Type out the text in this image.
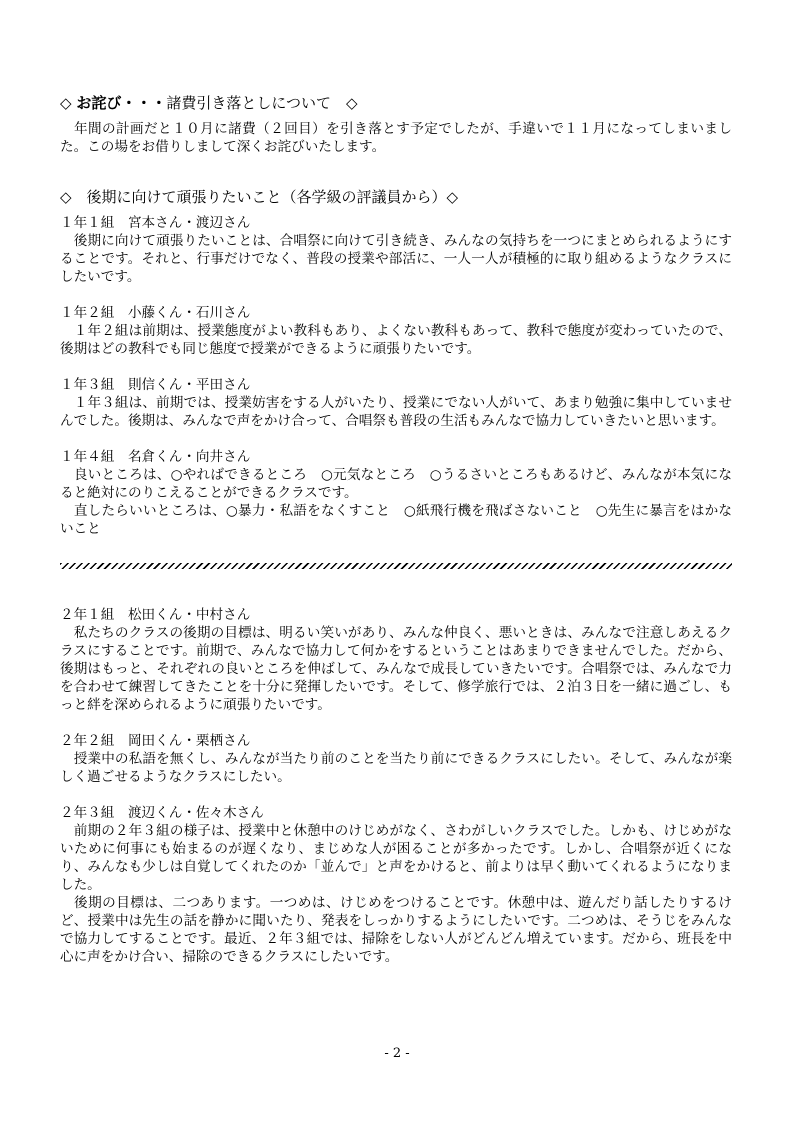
◇ お詫び・・・諸費引き落としについて　◇

　年間の計画だと１０月に諸費（２回目）を引き落とす予定でしたが、手違いで１１月になってしまいました。この場をお借りしまして深くお詫びいたします。

◇　後期に向けて頑張りたいこと（各学級の評議員から）◇

１年１組　宮本さん・渡辺さん

　後期に向けて頑張りたいことは、合唱祭に向けて引き続き、みんなの気持ちを一つにまとめられるようにすることです。それと、行事だけでなく、普段の授業や部活に、一人一人が積極的に取り組めるようなクラスにしたいです。

１年２組　小藤くん・石川さん

　１年２組は前期は、授業態度がよい教科もあり、よくない教科もあって、教科で態度が変わっていたので、後期はどの教科でも同じ態度で授業ができるように頑張りたいです。

１年３組　則信くん・平田さん

　１年３組は、前期では、授業妨害をする人がいたり、授業にでない人がいて、あまり勉強に集中していませんでした。後期は、みんなで声をかけ合って、合唱祭も普段の生活もみんなで協力していきたいと思います。

１年４組　名倉くん・向井さん

　良いところは、○やればできるところ　○元気なところ　○うるさいところもあるけど、みんなが本気になると絶対にのりこえることができるクラスです。

　直したらいいところは、○暴力・私語をなくすこと　○紙飛行機を飛ばさないこと　○先生に暴言をはかないこと

２年１組　松田くん・中村さん

　私たちのクラスの後期の目標は、明るい笑いがあり、みんな仲良く、悪いときは、みんなで注意しあえるクラスにすることです。前期で、みんなで協力して何かをするということはあまりできませんでした。だから、後期はもっと、それぞれの良いところを伸ばして、みんなで成長していきたいです。合唱祭では、みんなで力を合わせて練習してきたことを十分に発揮したいです。そして、修学旅行では、２泊３日を一緒に過ごし、もっと絆を深められるように頑張りたいです。

２年２組　岡田くん・栗栖さん

　授業中の私語を無くし、みんなが当たり前のことを当たり前にできるクラスにしたい。そして、みんなが楽しく過ごせるようなクラスにしたい。

２年３組　渡辺くん・佐々木さん

　前期の２年３組の様子は、授業中と休憩中のけじめがなく、さわがしいクラスでした。しかも、けじめがないために何事にも始まるのが遅くなり、まじめな人が困ることが多かったです。しかし、合唱祭が近くになり、みんなも少しは自覚してくれたのか「並んで」と声をかけると、前よりは早く動いてくれるようになりました。

　後期の目標は、二つあります。一つめは、けじめをつけることです。休憩中は、遊んだり話したりするけど、授業中は先生の話を静かに聞いたり、発表をしっかりするようにしたいです。二つめは、そうじをみんなで協力してすることです。最近、２年３組では、掃除をしない人がどんどん増えています。だから、班長を中心に声をかけ合い、掃除のできるクラスにしたいです。

- 2 -
